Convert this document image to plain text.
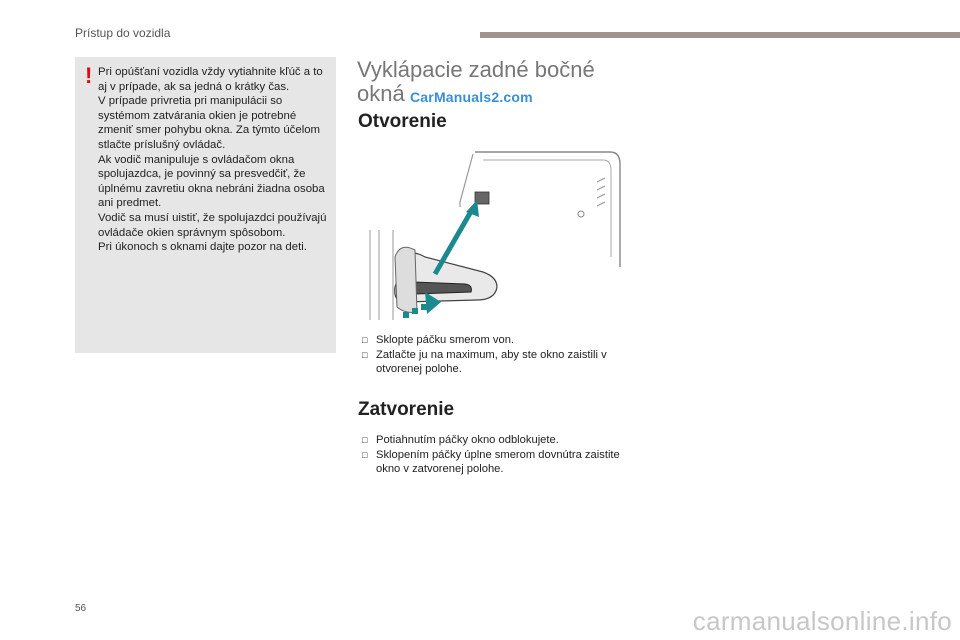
Prístup do vozidla
! Pri opúšťaní vozidla vždy vytiahnite kľúč a to aj v prípade, ak sa jedná o krátky čas.

V prípade privretia pri manipulácii so systémom zatvárania okien je potrebné zmeniť smer pohybu okna. Za týmto účelom stlačte príslušný ovládač.

Ak vodič manipuluje s ovládačom okna spolujazdca, je povinný sa presvedčiť, že úplnému zavretiu okna nebráni žiadna osoba ani predmet.

Vodič sa musí uistiť, že spolujazdci používajú ovládače okien správnym spôsobom.

Pri úkonoch s oknami dajte pozor na deti.

Vyklápacie zadné bočné okná CarManuals2.com
Otvorenie
□ Sklopte páčku smerom von.
□ Zatlačte ju na maximum, aby ste okno zaistili v otvorenej polohe.
Zatvorenie
□ Potiahnutím páčky okno odblokujete.
□ Sklopením páčky úplne smerom dovnútra zaistite okno v zatvorenej polohe.
56	carmanualsonline.info
